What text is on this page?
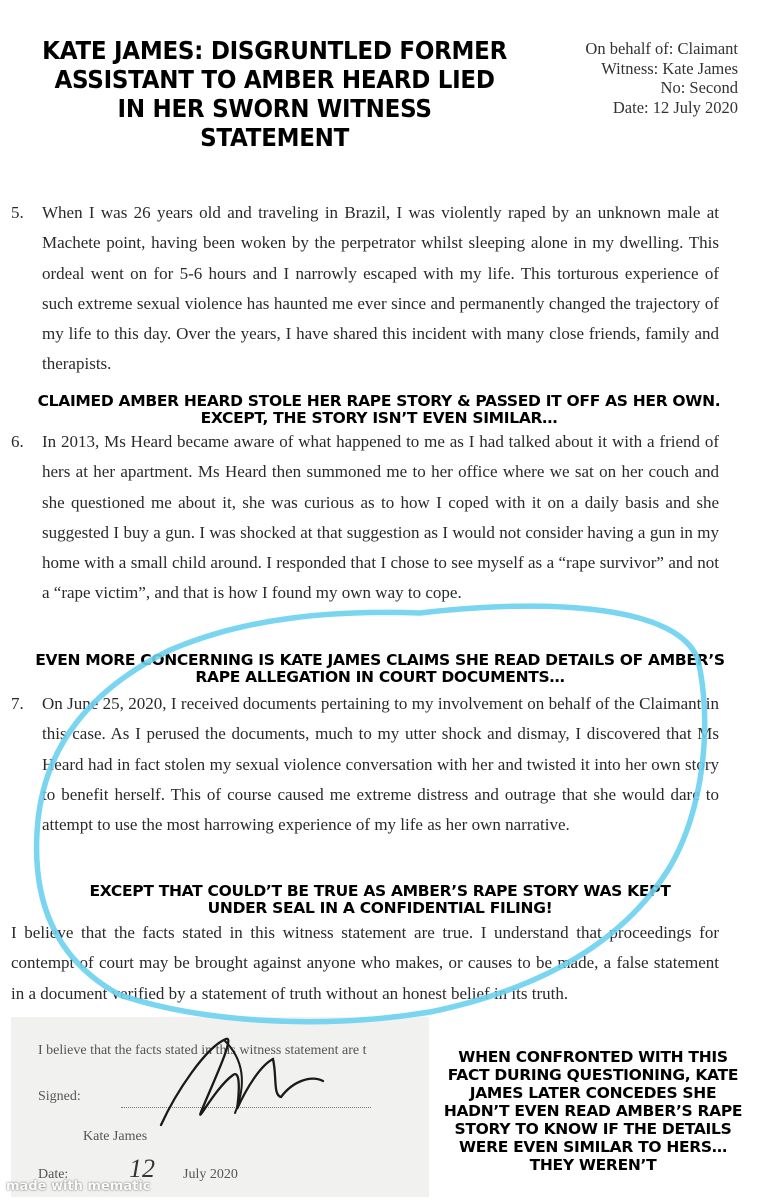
KATE JAMES: DISGRUNTLED FORMER ASSISTANT TO AMBER HEARD LIED IN HER SWORN WITNESS STATEMENT
On behalf of: Claimant
Witness: Kate James
No: Second
Date: 12 July 2020
5.	When I was 26 years old and traveling in Brazil, I was violently raped by an unknown male at Machete point, having been woken by the perpetrator whilst sleeping alone in my dwelling. This ordeal went on for 5-6 hours and I narrowly escaped with my life. This torturous experience of such extreme sexual violence has haunted me ever since and permanently changed the trajectory of my life to this day. Over the years, I have shared this incident with many close friends, family and therapists.
CLAIMED AMBER HEARD STOLE HER RAPE STORY & PASSED IT OFF AS HER OWN. EXCEPT, THE STORY ISN’T EVEN SIMILAR…
6.	In 2013, Ms Heard became aware of what happened to me as I had talked about it with a friend of hers at her apartment. Ms Heard then summoned me to her office where we sat on her couch and she questioned me about it, she was curious as to how I coped with it on a daily basis and she suggested I buy a gun. I was shocked at that suggestion as I would not consider having a gun in my home with a small child around. I responded that I chose to see myself as a “rape survivor” and not a “rape victim”, and that is how I found my own way to cope.
EVEN MORE CONCERNING IS KATE JAMES CLAIMS SHE READ DETAILS OF AMBER’S RAPE ALLEGATION IN COURT DOCUMENTS…
7.	On June 25, 2020, I received documents pertaining to my involvement on behalf of the Claimant in this case. As I perused the documents, much to my utter shock and dismay, I discovered that Ms Heard had in fact stolen my sexual violence conversation with her and twisted it into her own story to benefit herself. This of course caused me extreme distress and outrage that she would dare to attempt to use the most harrowing experience of my life as her own narrative.
EXCEPT THAT COULD’T BE TRUE AS AMBER’S RAPE STORY WAS KEPT UNDER SEAL IN A CONFIDENTIAL FILING!
I believe that the facts stated in this witness statement are true. I understand that proceedings for contempt of court may be brought against anyone who makes, or causes to be made, a false statement in a document verified by a statement of truth without an honest belief in its truth.
I believe that the facts stated in this witness statement are t
Signed:
Kate James
Date: 12 July 2020
WHEN CONFRONTED WITH THIS FACT DURING QUESTIONING, KATE JAMES LATER CONCEDES SHE HADN’T EVEN READ AMBER’S RAPE STORY TO KNOW IF THE DETAILS WERE EVEN SIMILAR TO HERS…THEY WEREN’T
made with mematic
